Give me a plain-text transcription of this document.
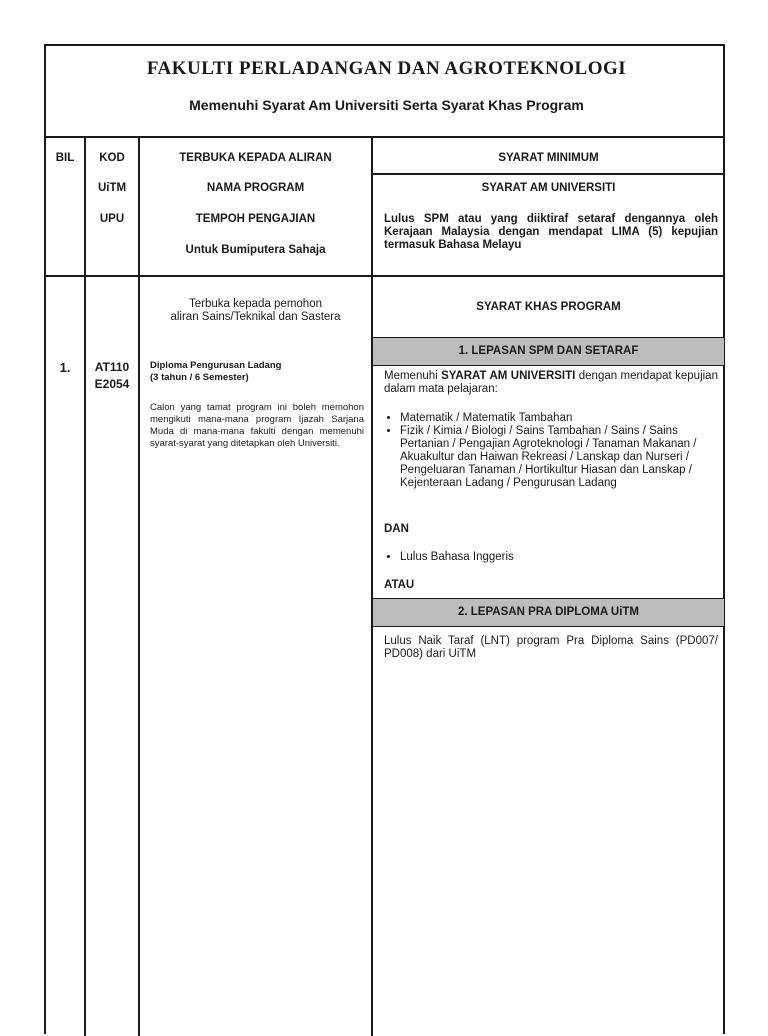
FAKULTI PERLADANGAN DAN AGROTEKNOLOGI

Memenuhi Syarat Am Universiti Serta Syarat Khas Program

BIL	KOD

UiTM

UPU

TERBUKA KEPADA ALIRAN

NAMA PROGRAM

TEMPOH PENGAJIAN

Untuk Bumiputera Sahaja

SYARAT MINIMUM

SYARAT AM UNIVERSITI

Lulus SPM atau yang diiktiraf setaraf dengannya oleh Kerajaan Malaysia dengan mendapat LIMA (5) kepujian termasuk Bahasa Melayu

1.	AT110

E2054

Terbuka kepada pemohon
aliran Sains/Teknikal dan Sastera

Diploma Pengurusan Ladang
(3 tahun / 6 Semester)

Calon yang tamat program ini boleh memohon mengikuti mana-mana program Ijazah Sarjana Muda di mana-mana fakulti dengan memenuhi syarat-syarat yang ditetapkan oleh Universiti.

SYARAT KHAS PROGRAM

1. LEPASAN SPM DAN SETARAF

Memenuhi SYARAT AM UNIVERSITI dengan mendapat kepujian dalam mata pelajaran:

• Matematik / Matematik Tambahan
• Fizik / Kimia / Biologi / Sains Tambahan / Sains / Sains Pertanian / Pengajian Agroteknologi / Tanaman Makanan / Akuakultur dan Haiwan Rekreasi / Lanskap dan Nurseri / Pengeluaran Tanaman / Hortikultur Hiasan dan Lanskap / Kejenteraan Ladang / Pengurusan Ladang

DAN

• Lulus Bahasa Inggeris

ATAU

2. LEPASAN PRA DIPLOMA UiTM

Lulus Naik Taraf (LNT) program Pra Diploma Sains (PD007/ PD008) dari UiTM
